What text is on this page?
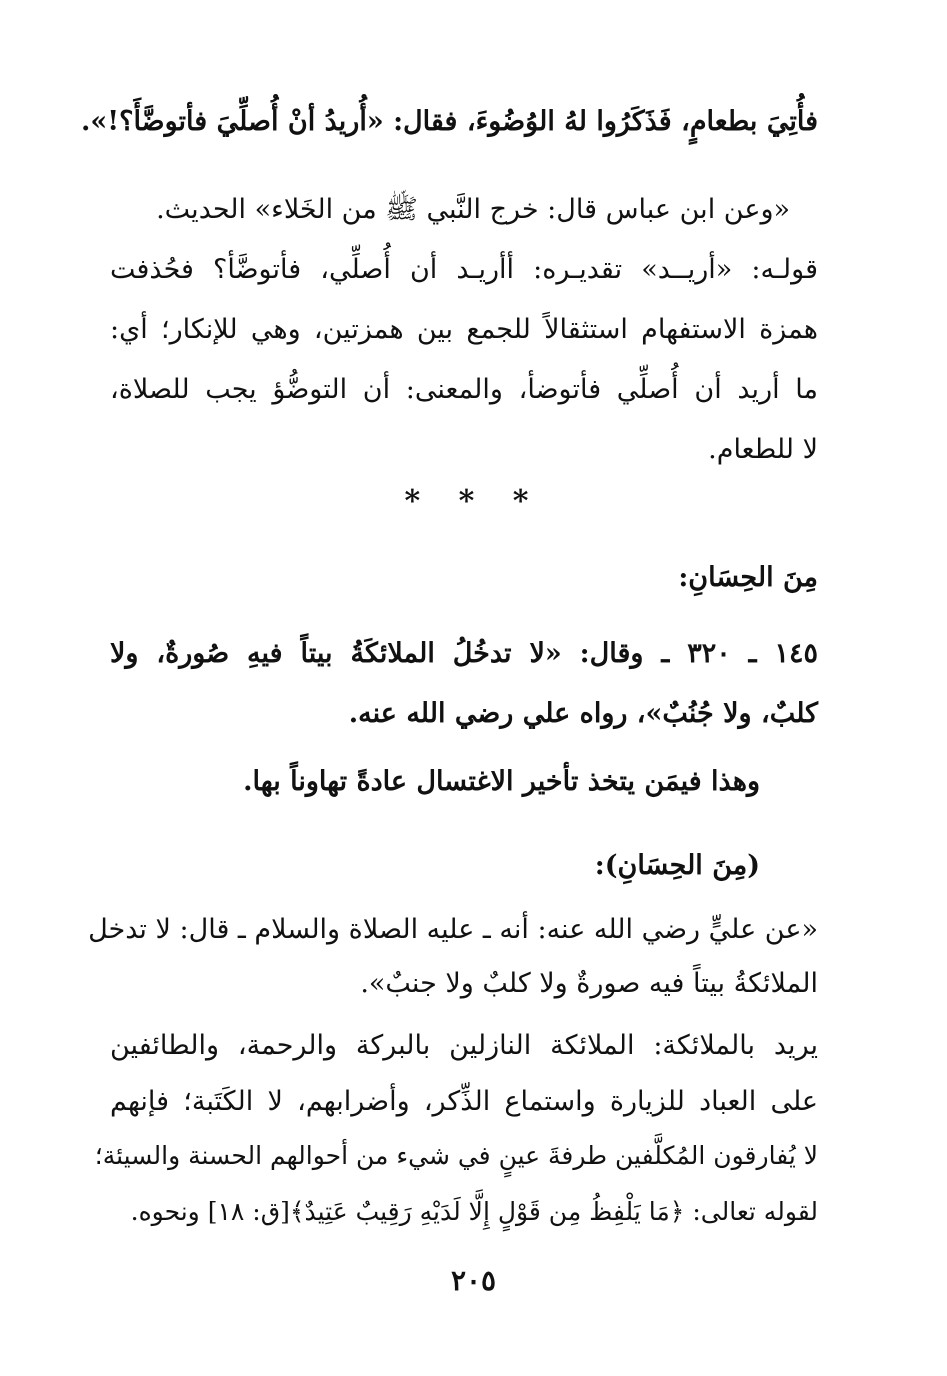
فأُتِيَ بطعامٍ، فَذَكَرُوا لهُ الوُضُوءَ، فقال: «أُريدُ أنْ أُصلِّيَ فأتوضَّأَ؟!».
«وعن ابن عباس قال: خرج النَّبي ﷺ من الخَلاء» الحديث.
قولـه: «أريــد» تقديـره: أأريـد أن أُصلِّي، فأتوضَّأ؟ فحُذفت
همزة الاستفهام استثقالاً للجمع بين همزتين، وهي للإنكار؛ أي:
ما أريد أن أُصلِّي فأتوضأ، والمعنى: أن التوضُّؤ يجب للصلاة،
لا للطعام.
* * *
مِنَ الحِسَانِ:
١٤٥ ـ ٣٢٠ ـ وقال: «لا تدخُلُ الملائكَةُ بيتاً فيهِ صُورةٌ، ولا
كلبٌ، ولا جُنُبٌ»، رواه علي رضي الله عنه.
وهذا فيمَن يتخذ تأخير الاغتسال عادةً تهاوناً بها.
(مِنَ الحِسَانِ):
«عن عليٍّ رضي الله عنه: أنه ـ عليه الصلاة والسلام ـ قال: لا تدخل
الملائكةُ بيتاً فيه صورةٌ ولا كلبٌ ولا جنبٌ».
يريد بالملائكة: الملائكة النازلين بالبركة والرحمة، والطائفين
على العباد للزيارة واستماع الذِّكر، وأضرابهم، لا الكَتَبة؛ فإنهم
لا يُفارقون المُكلَّفين طرفةَ عينٍ في شيء من أحوالهم الحسنة والسيئة؛
لقوله تعالى: ﴿مَا يَلْفِظُ مِن قَوْلٍ إِلَّا لَدَيْهِ رَقِيبٌ عَتِيدٌ﴾[ق: ١٨] ونحوه.
٢٠٥
